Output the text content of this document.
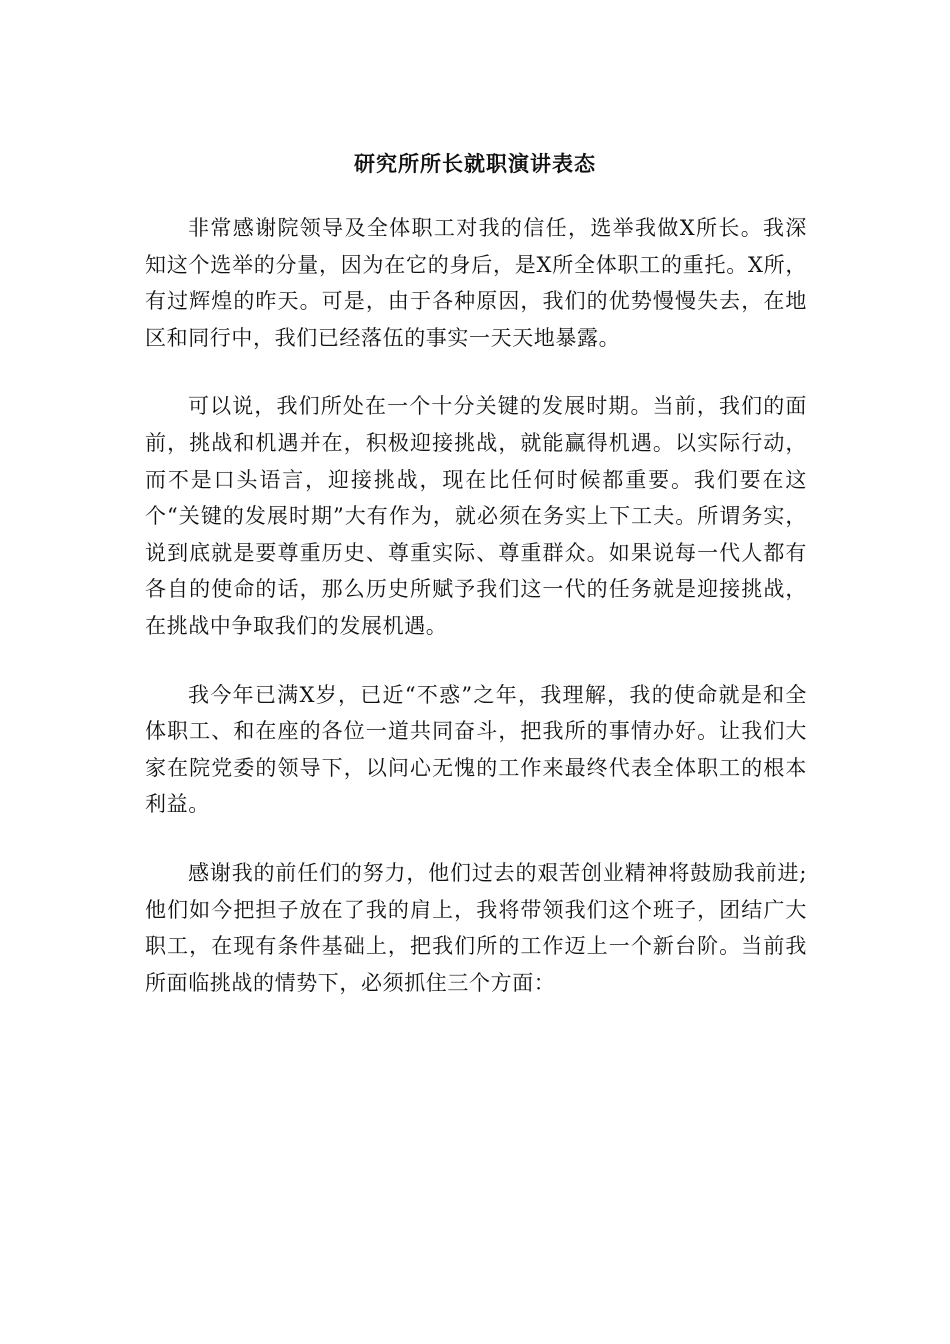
研究所所长就职演讲表态

非常感谢院领导及全体职工对我的信任，选举我做X所长。我深知这个选举的分量，因为在它的身后，是X所全体职工的重托。X所，有过辉煌的昨天。可是，由于各种原因，我们的优势慢慢失去，在地区和同行中，我们已经落伍的事实一天天地暴露。

可以说，我们所处在一个十分关键的发展时期。当前，我们的面前，挑战和机遇并在，积极迎接挑战，就能赢得机遇。以实际行动，而不是口头语言，迎接挑战，现在比任何时候都重要。我们要在这个“关键的发展时期”大有作为，就必须在务实上下工夫。所谓务实，说到底就是要尊重历史、尊重实际、尊重群众。如果说每一代人都有各自的使命的话，那么历史所赋予我们这一代的任务就是迎接挑战，在挑战中争取我们的发展机遇。

我今年已满X岁，已近“不惑”之年，我理解，我的使命就是和全体职工、和在座的各位一道共同奋斗，把我所的事情办好。让我们大家在院党委的领导下，以问心无愧的工作来最终代表全体职工的根本利益。

感谢我的前任们的努力，他们过去的艰苦创业精神将鼓励我前进;他们如今把担子放在了我的肩上，我将带领我们这个班子，团结广大职工，在现有条件基础上，把我们所的工作迈上一个新台阶。当前我所面临挑战的情势下，必须抓住三个方面：
